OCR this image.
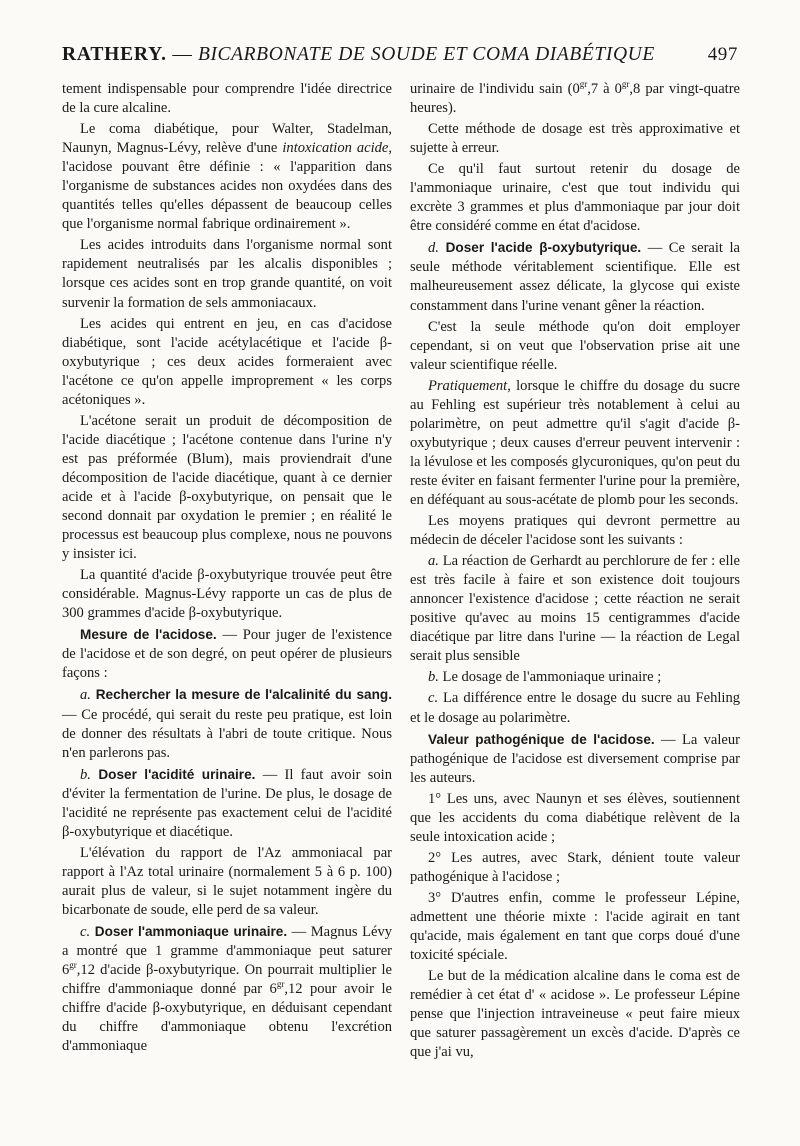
RATHERY. — BICARBONATE DE SOUDE ET COMA DIABÉTIQUE	497

tement indispensable pour comprendre l'idée directrice de la cure alcaline.

Le coma diabétique, pour Walter, Stadelman, Naunyn, Magnus-Lévy, relève d'une intoxication acide, l'acidose pouvant être définie : « l'apparition dans l'organisme de substances acides non oxydées dans des quantités telles qu'elles dépassent de beaucoup celles que l'organisme normal fabrique ordinairement ».

Les acides introduits dans l'organisme normal sont rapidement neutralisés par les alcalis disponibles ; lorsque ces acides sont en trop grande quantité, on voit survenir la formation de sels ammoniacaux.

Les acides qui entrent en jeu, en cas d'acidose diabétique, sont l'acide acétylacétique et l'acide β-oxybutyrique ; ces deux acides formeraient avec l'acétone ce qu'on appelle improprement « les corps acétoniques ».

L'acétone serait un produit de décomposition de l'acide diacétique ; l'acétone contenue dans l'urine n'y est pas préformée (Blum), mais proviendrait d'une décomposition de l'acide diacétique, quant à ce dernier acide et à l'acide β-oxybutyrique, on pensait que le second donnait par oxydation le premier ; en réalité le processus est beaucoup plus complexe, nous ne pouvons y insister ici.

La quantité d'acide β-oxybutyrique trouvée peut être considérable. Magnus-Lévy rapporte un cas de plus de 300 grammes d'acide β-oxybutyrique.

Mesure de l'acidose. — Pour juger de l'existence de l'acidose et de son degré, on peut opérer de plusieurs façons :

a. Rechercher la mesure de l'alcalinité du sang. — Ce procédé, qui serait du reste peu pratique, est loin de donner des résultats à l'abri de toute critique. Nous n'en parlerons pas.

b. Doser l'acidité urinaire. — Il faut avoir soin d'éviter la fermentation de l'urine. De plus, le dosage de l'acidité ne représente pas exactement celui de l'acidité β-oxybutyrique et diacétique.

L'élévation du rapport de l'Az ammoniacal par rapport à l'Az total urinaire (normalement 5 à 6 p. 100) aurait plus de valeur, si le sujet notamment ingère du bicarbonate de soude, elle perd de sa valeur.

c. Doser l'ammoniaque urinaire. — Magnus Lévy a montré que 1 gramme d'ammoniaque peut saturer $6^{gr},12$ d'acide β-oxybutyrique. On pourrait multiplier le chiffre d'ammoniaque donné par $6^{gr},12$ pour avoir le chiffre d'acide β-oxybutyrique, en déduisant cependant du chiffre d'ammoniaque obtenu l'excrétion d'ammoniaque

urinaire de l'individu sain ($0^{gr},7$ à $0^{gr},8$ par vingt-quatre heures).

Cette méthode de dosage est très approximative et sujette à erreur.

Ce qu'il faut surtout retenir du dosage de l'ammoniaque urinaire, c'est que tout individu qui excrète 3 grammes et plus d'ammoniaque par jour doit être considéré comme en état d'acidose.

d. Doser l'acide β-oxybutyrique. — Ce serait la seule méthode véritablement scientifique. Elle est malheureusement assez délicate, la glycose qui existe constamment dans l'urine venant gêner la réaction.

C'est la seule méthode qu'on doit employer cependant, si on veut que l'observation prise ait une valeur scientifique réelle.

Pratiquement, lorsque le chiffre du dosage du sucre au Fehling est supérieur très notablement à celui au polarimètre, on peut admettre qu'il s'agit d'acide β-oxybutyrique ; deux causes d'erreur peuvent intervenir : la lévulose et les composés glycuroniques, qu'on peut du reste éviter en faisant fermenter l'urine pour la première, en déféquant au sous-acétate de plomb pour les seconds.

Les moyens pratiques qui devront permettre au médecin de déceler l'acidose sont les suivants :

a. La réaction de Gerhardt au perchlorure de fer : elle est très facile à faire et son existence doit toujours annoncer l'existence d'acidose ; cette réaction ne serait positive qu'avec au moins 15 centigrammes d'acide diacétique par litre dans l'urine — la réaction de Legal serait plus sensible

b. Le dosage de l'ammoniaque urinaire ;

c. La différence entre le dosage du sucre au Fehling et le dosage au polarimètre.

Valeur pathogénique de l'acidose. — La valeur pathogénique de l'acidose est diversement comprise par les auteurs.

1° Les uns, avec Naunyn et ses élèves, soutiennent que les accidents du coma diabétique relèvent de la seule intoxication acide ;

2° Les autres, avec Stark, dénient toute valeur pathogénique à l'acidose ;

3° D'autres enfin, comme le professeur Lépine, admettent une théorie mixte : l'acide agirait en tant qu'acide, mais également en tant que corps doué d'une toxicité spéciale.

Le but de la médication alcaline dans le coma est de remédier à cet état d' « acidose ». Le professeur Lépine pense que l'injection intraveineuse « peut faire mieux que saturer passagèrement un excès d'acide. D'après ce que j'ai vu,
